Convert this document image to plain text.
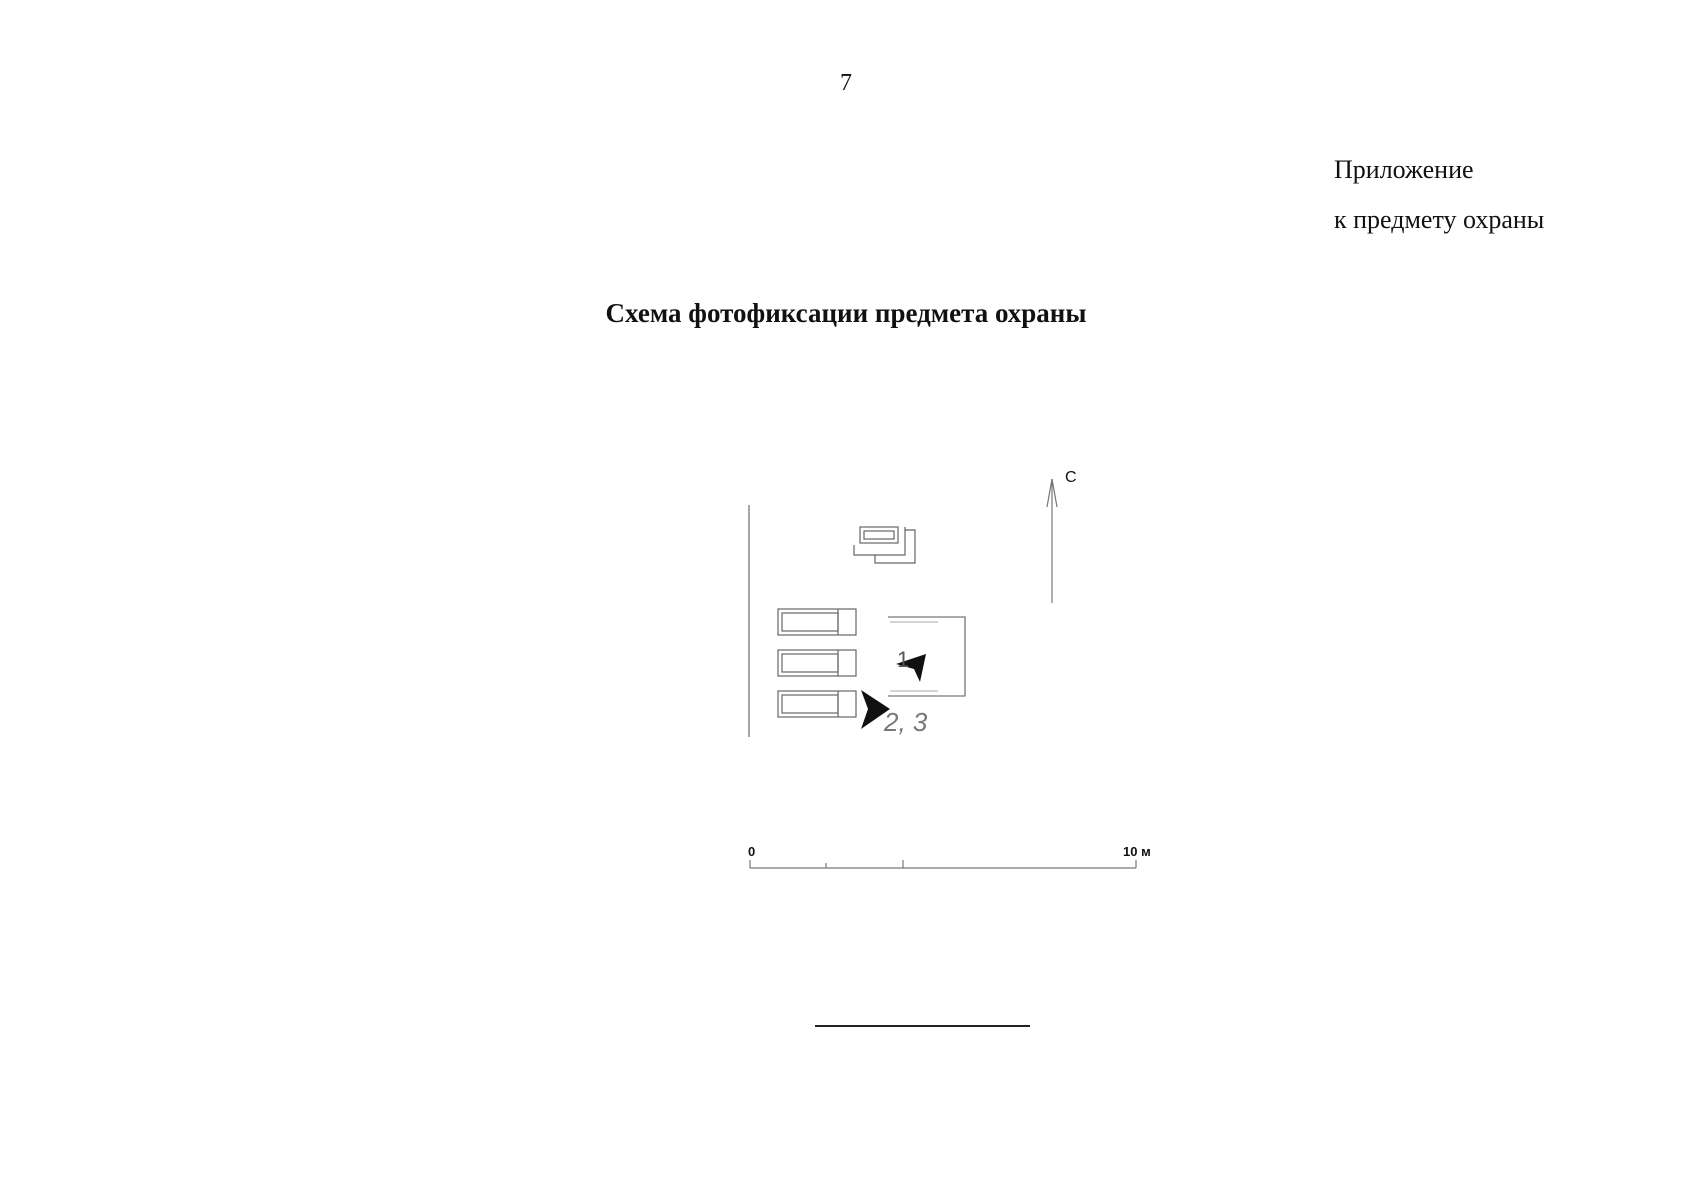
7
Приложение
к предмету охраны
Схема фотофиксации предмета охраны
С
1
2, 3
0	10 м
